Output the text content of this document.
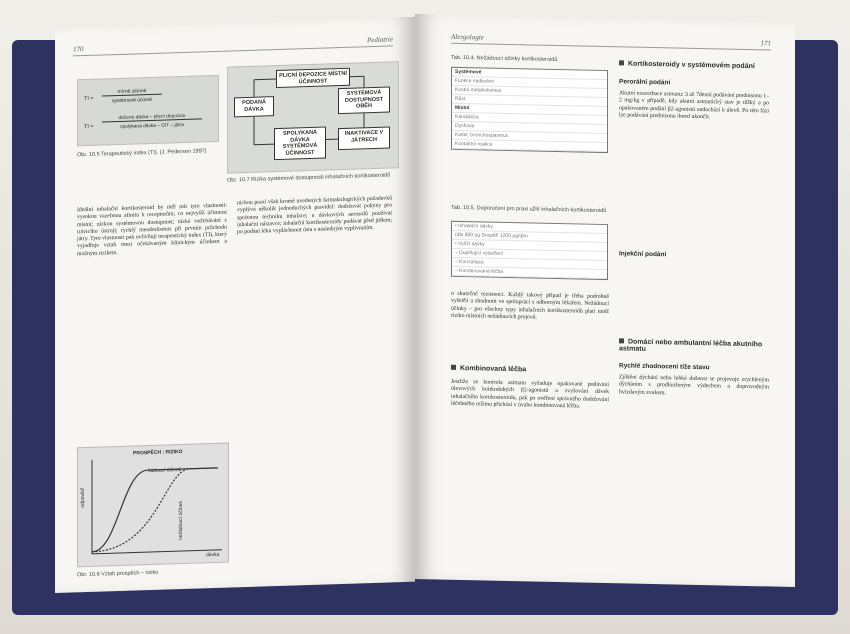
170
Pediatrie
TI =
mírně účinné
systémově účinné
TI =
dečené dávka – plicní depozice
spolykaná dávka – GIT – játra
Obr. 10.5 Terapeutický index (TI). (J. Pedersen 1997)
PLICNÍ DEPOZICE MÍSTNÍ ÚČINNOST
PODANÁ DÁVKA
SYSTÉMOVÁ DOSTUPNOST OBĚH
SPOLYKANÁ DÁVKA SYSTÉMOVÁ ÚČINNOST
INAKTIVACE V JÁTRECH
Obr. 10.7 Rizika systémové dostupnosti inhalačních kortikosteroidů
Ideální inhalační kortikosteroid by měl mít tyto vlastnosti: vysokou vazebnou afinitu k receptorům; co nejvyšší účinnost místní; nízkou systémovou dostupnost; nízké vstřebávání z trávicího ústrojí; rychlý metabolismus při prvním průchodu játry. Tyto vlastnosti pak ovlivňují terapeutický index (TI), který vyjadřuje vztah mezi očekávaným klinickým účinkem a možným rizikem.
nickou praxí však kromě uvedených farmakologických požadavků vyplývá několik jednoduchých pravidel: dodržovat pokyny pro správnou techniku inhalace; u dávkových aerosolů používat inhalační nástavce; inhalační kortikosteroidy podávat před jídlem; po podání léku vypláchnout ústa s následným vyplivnutím.
PROSPĚCH : RIZIKO
odpověď
dávka
žádoucí účinek
nežádoucí účinek
Obr. 10.6 Vztah prospěch – riziko
Alergologie
171
Tab. 10.4. Nežádoucí účinky kortikosteroidů
Systémové
Funkce nadledvin
Kostní metabolismus
Růst
Místní
Kandidóza
Dysfonie
Kašel, bronchospasmus
Kontaktní reakce
Tab. 10.5. Doporučení pro praxi užití inhalačních kortikosteroidů
• Inhalační dávky
(dle 800 µg Dospělí 1200 µg/den
• Vyšší dávky
– Doplňující vyšetření
– Konzultace
– Kombinovaná léčba
o skutečné rezistenci. Každý takový případ je třeba podrobně vyšetřit a zhodnotit ve spolupráci s odborným lékařem. Nežádoucí účinky – pro všechny typy inhalačních kortikosteroidů platí totéž riziko místních nežádoucích projevů.
Kombinovaná léčba
Jestliže se kontrola astmatu vyžaduje opakované podávání úlevových krátkodobých β2-agonistů a zvyšování dávek inhalačního kortikosteroidu, pak po ověření správného dodržování léčebného režimu přichází v úvahu kombinovaná léčba.
Kortikosteroidy v systémovém podání
Perorální podání
Akutní exacerbace astmatu: 3 až 7denní podávání prednisonu 1–2 mg/kg v případě, kdy akutní astmatický stav je těžký a po opakovaném podání β2-agonistů nedochází k úlevě. Po této fázi lze podávání prednisonu ihned ukončit.
Injekční podání
Domácí nebo ambulantní léčba akutního astmatu
Rychlé zhodnocení tíže stavu
Zjištění dýchání nebo lehká dušnost se projevuje zrychleným dýcháním s prodlouženým výdechem a doprovodným hvízdavým zvukem.
